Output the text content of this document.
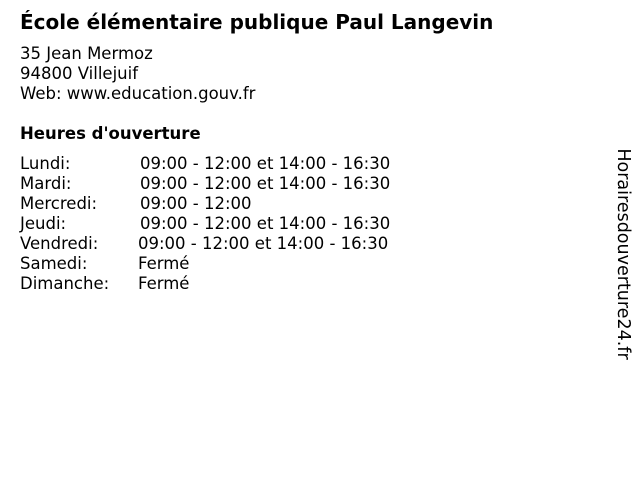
École élémentaire publique Paul Langevin
35 Jean Mermoz
94800 Villejuif
Web: www.education.gouv.fr
Heures d'ouverture
Lundi:	09:00 - 12:00 et 14:00 - 16:30
Mardi:	09:00 - 12:00 et 14:00 - 16:30
Mercredi:	09:00 - 12:00
Jeudi:	09:00 - 12:00 et 14:00 - 16:30
Vendredi: 09:00 - 12:00 et 14:00 - 16:30
Samedi:	Fermé
Dimanche: Fermé	Horairesdouverture24.fr
